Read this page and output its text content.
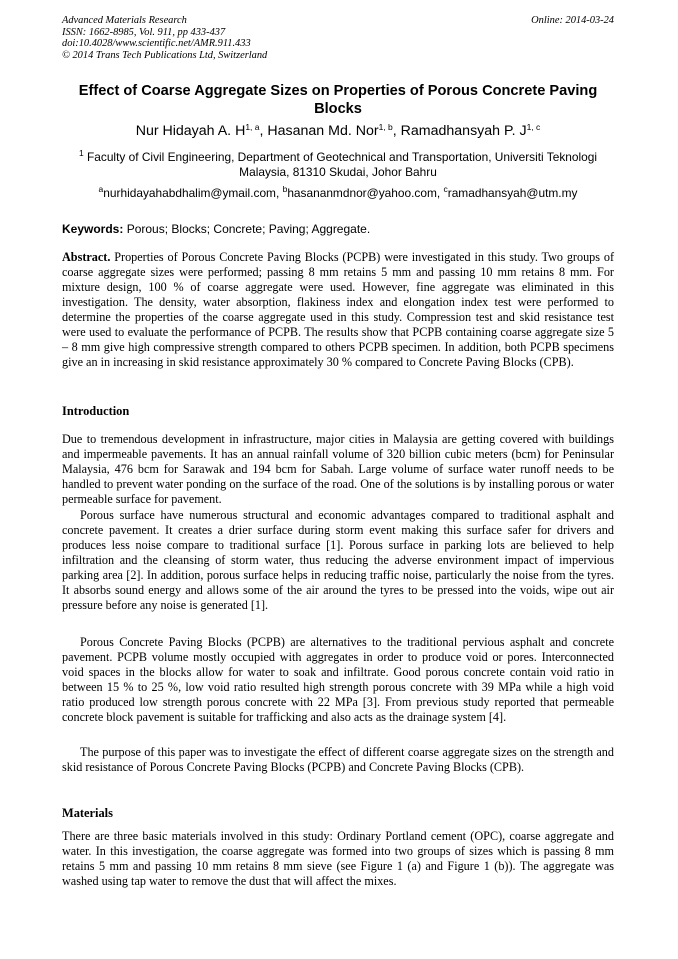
Advanced Materials Research
ISSN: 1662-8985, Vol. 911, pp 433-437
doi:10.4028/www.scientific.net/AMR.911.433
© 2014 Trans Tech Publications Ltd, Switzerland
Online: 2014-03-24
Effect of Coarse Aggregate Sizes on Properties of Porous Concrete Paving Blocks
Nur Hidayah A. H$^{1, a}$, Hasanan Md. Nor$^{1, b}$, Ramadhansyah P. J$^{1, c}$
$^1$ Faculty of Civil Engineering, Department of Geotechnical and Transportation, Universiti Teknologi Malaysia, 81310 Skudai, Johor Bahru
$^a$nurhidayahabdhalim@ymail.com, $^b$hasananmdnor@yahoo.com, $^c$ramadhansyah@utm.my
Keywords: Porous; Blocks; Concrete; Paving; Aggregate.
Abstract. Properties of Porous Concrete Paving Blocks (PCPB) were investigated in this study. Two groups of coarse aggregate sizes were performed; passing 8 mm retains 5 mm and passing 10 mm retains 8 mm. For mixture design, 100 % of coarse aggregate were used. However, fine aggregate was eliminated in this investigation. The density, water absorption, flakiness index and elongation index test were performed to determine the properties of the coarse aggregate used in this study. Compression test and skid resistance test were used to evaluate the performance of PCPB. The results show that PCPB containing coarse aggregate size 5 – 8 mm give high compressive strength compared to others PCPB specimen. In addition, both PCPB specimens give an in increasing in skid resistance approximately 30 % compared to Concrete Paving Blocks (CPB).
Introduction

Due to tremendous development in infrastructure, major cities in Malaysia are getting covered with buildings and impermeable pavements. It has an annual rainfall volume of 320 billion cubic meters (bcm) for Peninsular Malaysia, 476 bcm for Sarawak and 194 bcm for Sabah. Large volume of surface water runoff needs to be handled to prevent water ponding on the surface of the road. One of the solutions is by installing porous or water permeable surface for pavement.

Porous surface have numerous structural and economic advantages compared to traditional asphalt and concrete pavement. It creates a drier surface during storm event making this surface safer for drivers and produces less noise compare to traditional surface [1]. Porous surface in parking lots are believed to help infiltration and the cleansing of storm water, thus reducing the adverse environment impact of impervious parking area [2]. In addition, porous surface helps in reducing traffic noise, particularly the noise from the tyres. It absorbs sound energy and allows some of the air around the tyres to be pressed into the voids, wipe out air pressure before any noise is generated [1].

Porous Concrete Paving Blocks (PCPB) are alternatives to the traditional pervious asphalt and concrete pavement. PCPB volume mostly occupied with aggregates in order to produce void or pores. Interconnected void spaces in the blocks allow for water to soak and infiltrate. Good porous concrete contain void ratio in between 15 % to 25 %, low void ratio resulted high strength porous concrete with 39 MPa while a high void ratio produced low strength porous concrete with 22 MPa [3]. From previous study reported that permeable concrete block pavement is suitable for trafficking and also acts as the drainage system [4].

The purpose of this paper was to investigate the effect of different coarse aggregate sizes on the strength and skid resistance of Porous Concrete Paving Blocks (PCPB) and Concrete Paving Blocks (CPB).

Materials

There are three basic materials involved in this study: Ordinary Portland cement (OPC), coarse aggregate and water. In this investigation, the coarse aggregate was formed into two groups of sizes which is passing 8 mm retains 5 mm and passing 10 mm retains 8 mm sieve (see Figure 1 (a) and Figure 1 (b)). The aggregate was washed using tap water to remove the dust that will affect the mixes.
